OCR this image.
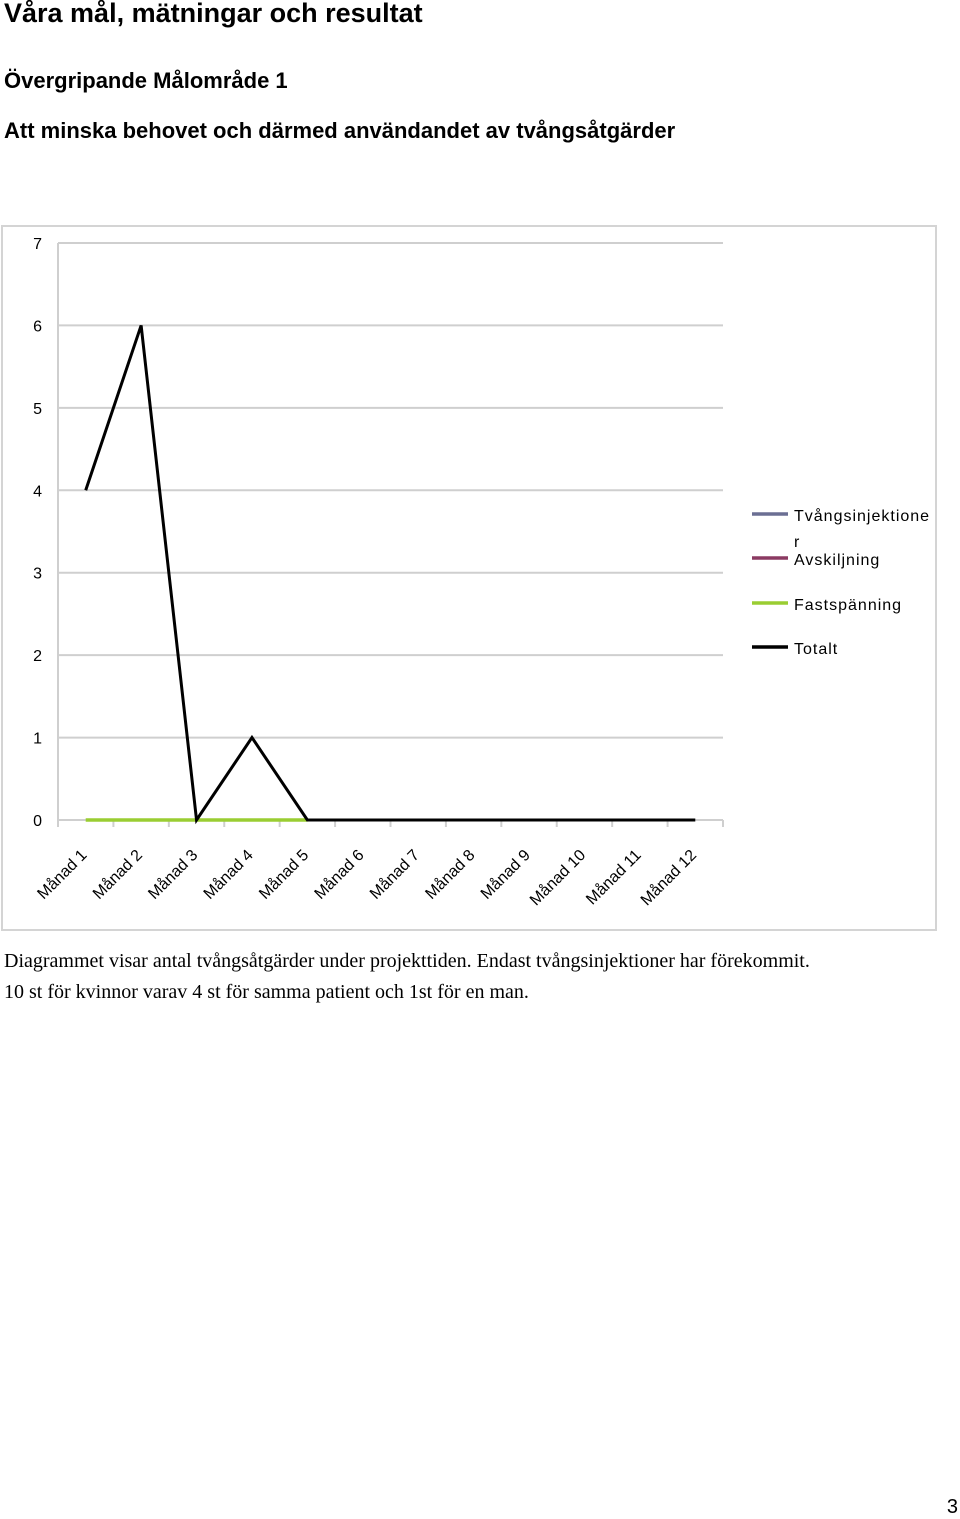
Våra mål, mätningar och resultat
Övergripande Målområde 1
Att minska behovet och därmed användandet av tvångsåtgärder
0
1
2
3
4
5
6
7
Månad 1 Månad 2 Månad 3 Månad 4 Månad 5 Månad 6 Månad 7 Månad 8 Månad 9
Månad 10
Månad 11
Månad 12
Tvångsinjektione
r
Avskiljning
Fastspänning
Totalt

Diagrammet visar antal tvångsåtgärder under projekttiden. Endast tvångsinjektioner har förekommit.
10 st för kvinnor varav 4 st för samma patient och 1st för en man.

3
